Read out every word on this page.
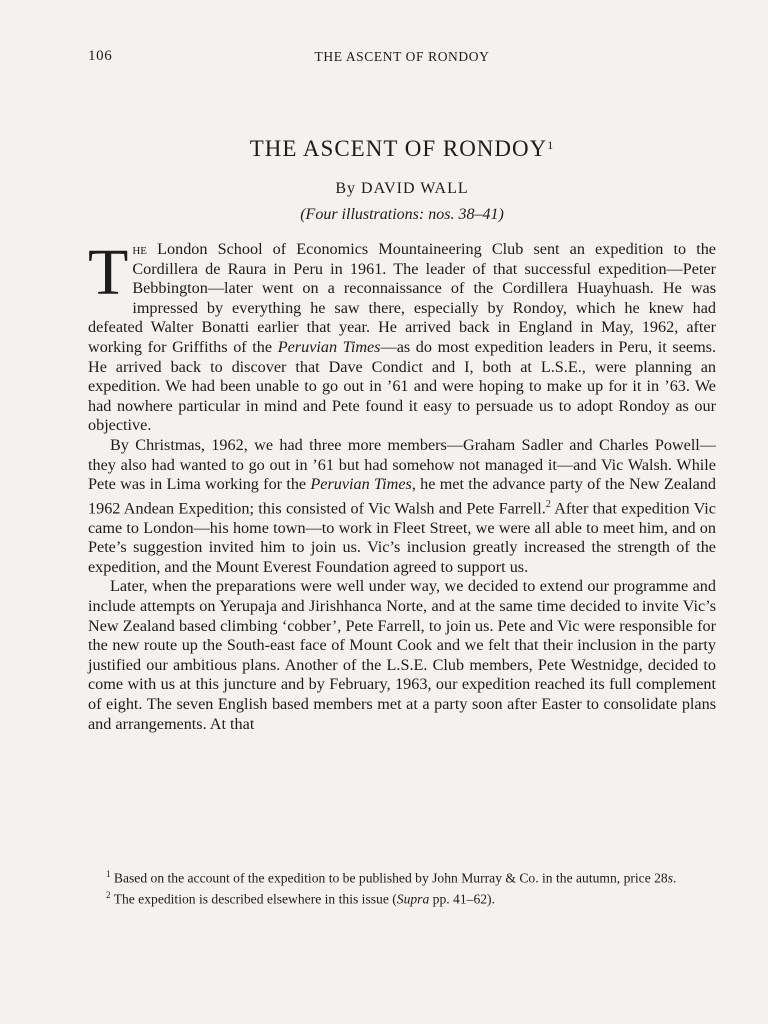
106	THE ASCENT OF RONDOY
THE ASCENT OF RONDOY$^1$
By DAVID WALL
(Four illustrations: nos. 38–41)

The London School of Economics Mountaineering Club sent an expedition to the Cordillera de Raura in Peru in 1961. The leader of that successful expedition—Peter Bebbington—later went on a reconnaissance of the Cordillera Huayhuash. He was impressed by everything he saw there, especially by Rondoy, which he knew had defeated Walter Bonatti earlier that year. He arrived back in England in May, 1962, after working for Griffiths of the Peruvian Times—as do most expedition leaders in Peru, it seems. He arrived back to discover that Dave Condict and I, both at L.S.E., were planning an expedition. We had been unable to go out in ’61 and were hoping to make up for it in ’63. We had nowhere particular in mind and Pete found it easy to persuade us to adopt Rondoy as our objective.

By Christmas, 1962, we had three more members—Graham Sadler and Charles Powell—they also had wanted to go out in ’61 but had somehow not managed it—and Vic Walsh. While Pete was in Lima working for the Peruvian Times, he met the advance party of the New Zealand 1962 Andean Expedition; this consisted of Vic Walsh and Pete Farrell.$^2$ After that expedition Vic came to London—his home town—to work in Fleet Street, we were all able to meet him, and on Pete’s suggestion invited him to join us. Vic’s inclusion greatly increased the strength of the expedition, and the Mount Everest Foundation agreed to support us.

Later, when the preparations were well under way, we decided to extend our programme and include attempts on Yerupaja and Jirishhanca Norte, and at the same time decided to invite Vic’s New Zealand based climbing ‘cobber’, Pete Farrell, to join us. Pete and Vic were responsible for the new route up the South-east face of Mount Cook and we felt that their inclusion in the party justified our ambitious plans. Another of the L.S.E. Club members, Pete Westnidge, decided to come with us at this juncture and by February, 1963, our expedition reached its full complement of eight. The seven English based members met at a party soon after Easter to consolidate plans and arrangements. At that

$^1$ Based on the account of the expedition to be published by John Murray & Co. in the autumn, price 28s.

$^2$ The expedition is described elsewhere in this issue (Supra pp. 41–62).
